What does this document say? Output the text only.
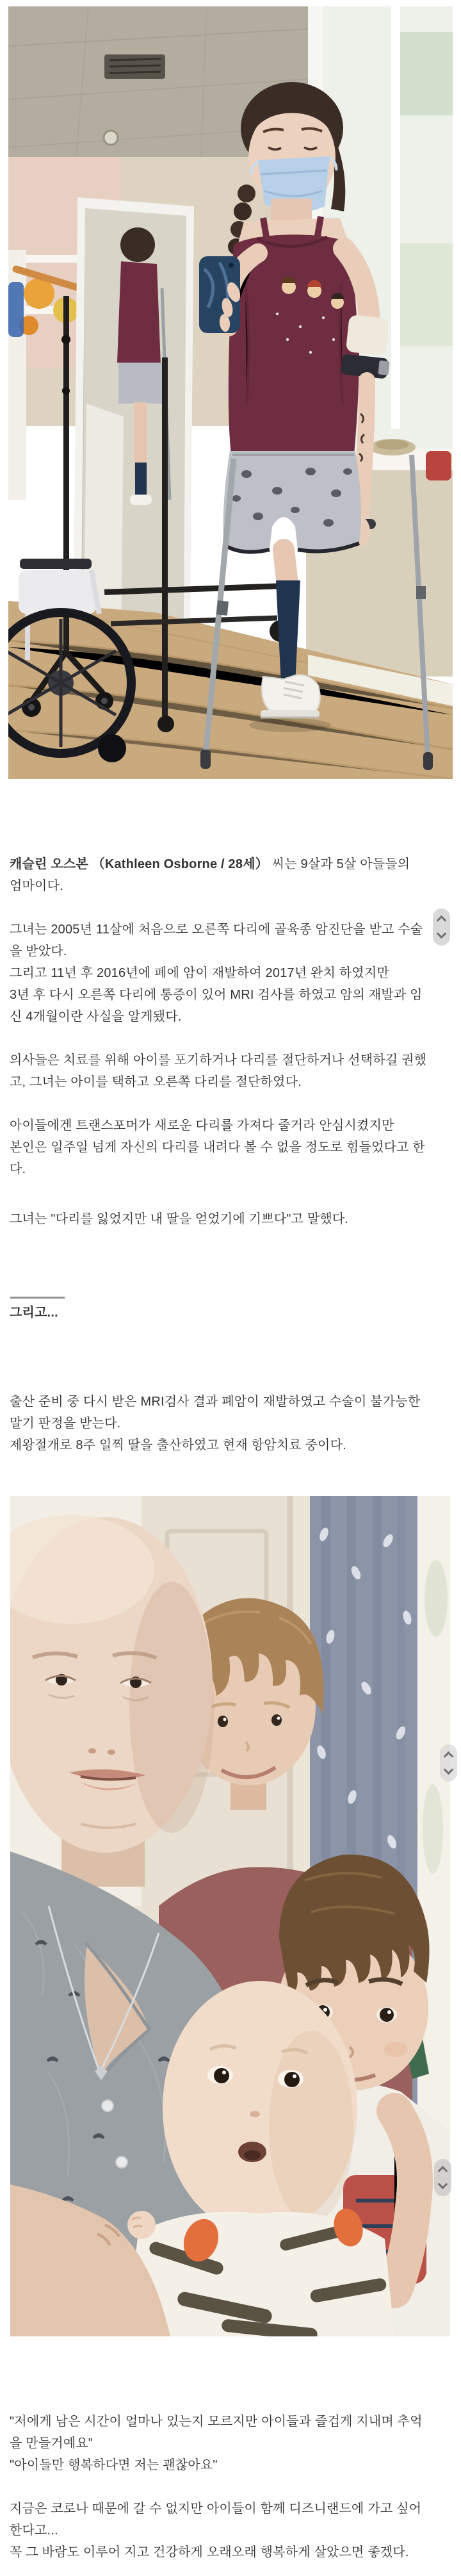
캐슬린 오스본 （Kathleen Osborne / 28세） 씨는 9살과 5살 아들들의
엄마이다.
그녀는 2005년 11살에 처음으로 오른쪽 다리에 골육종 암진단을 받고 수술
을 받았다.
그리고 11년 후 2016년에 폐에 암이 재발하여 2017년 완치 하였지만
3년 후 다시 오른쪽 다리에 통증이 있어 MRI 검사를 하였고 암의 재발과 임
신 4개월이란 사실을 알게됐다.
의사들은 치료를 위해 아이를 포기하거나 다리를 절단하거나 선택하길 권했
고, 그녀는 아이를 택하고 오른쪽 다리를 절단하였다.
아이들에겐 트랜스포머가 새로운 다리를 가져다 줄거라 안심시켰지만
본인은 일주일 넘게 자신의 다리를 내려다 볼 수 없을 정도로 힘들었다고 한
다.
그녀는 "다리를 잃었지만 내 딸을 얻었기에 기쁘다"고 말했다.
그리고...
출산 준비 중 다시 받은 MRI검사 결과 폐암이 재발하였고 수술이 불가능한
말기 판정을 받는다.
제왕절개로 8주 일찍 딸을 출산하였고 현재 항암치료 중이다.
"저에게 남은 시간이 얼마나 있는지 모르지만 아이들과 즐겁게 지내며 추억
을 만들거예요"
"아이들만 행복하다면 저는 괜찮아요"
지금은 코로나 때문에 갈 수 없지만 아이들이 함께 디즈니랜드에 가고 싶어
한다고...
꼭 그 바람도 이루어 지고 건강하게 오래오래 행복하게 살았으면 좋겠다.
